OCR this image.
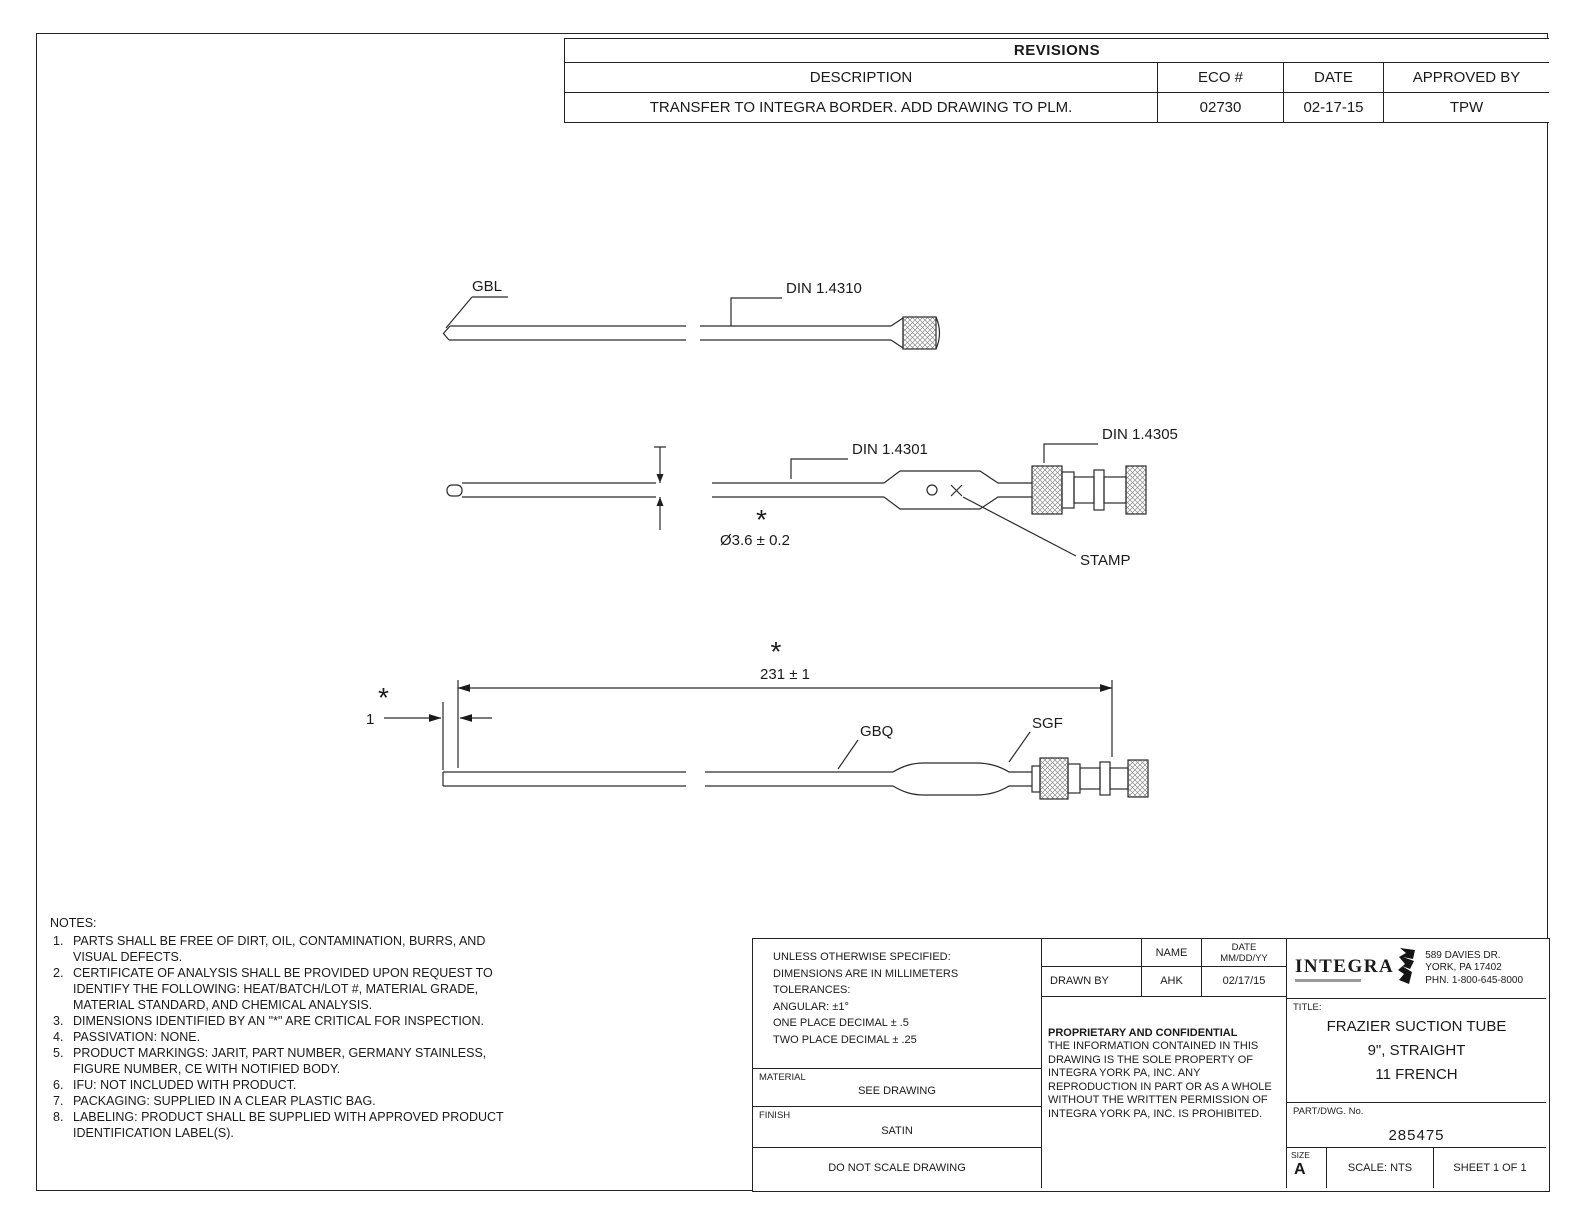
GBL	DIN 1.4310
DIN 1.4301
DIN 1.4305
STAMP
Ø3.6 ± 0.2
*
231 ± 1
*
1
*
GBQ	SGF
REVISIONS
DESCRIPTION	ECO #	DATE	APPROVED BY
TRANSFER TO INTEGRA BORDER. ADD DRAWING TO PLM.	02730	02-17-15	TPW
NOTES:
1. PARTS SHALL BE FREE OF DIRT, OIL, CONTAMINATION, BURRS, AND VISUAL DEFECTS.
2. CERTIFICATE OF ANALYSIS SHALL BE PROVIDED UPON REQUEST TO IDENTIFY THE FOLLOWING: HEAT/BATCH/LOT #, MATERIAL GRADE, MATERIAL STANDARD, AND CHEMICAL ANALYSIS.
3. DIMENSIONS IDENTIFIED BY AN "*" ARE CRITICAL FOR INSPECTION.
4. PASSIVATION: NONE.
5. PRODUCT MARKINGS: JARIT, PART NUMBER, GERMANY STAINLESS, FIGURE NUMBER, CE WITH NOTIFIED BODY.
6. IFU: NOT INCLUDED WITH PRODUCT.
7. PACKAGING: SUPPLIED IN A CLEAR PLASTIC BAG.
8. LABELING: PRODUCT SHALL BE SUPPLIED WITH APPROVED PRODUCT IDENTIFICATION LABEL(S).
UNLESS OTHERWISE SPECIFIED:
DIMENSIONS ARE IN MILLIMETERS
TOLERANCES:
ANGULAR: ±1°
ONE PLACE DECIMAL ± .5
TWO PLACE DECIMAL ± .25
MATERIAL
SEE DRAWING
FINISH
SATIN
DO NOT SCALE DRAWING
NAME	DATE
MM/DD/YY
DRAWN BY	AHK	02/17/15
PROPRIETARY AND CONFIDENTIAL
THE INFORMATION CONTAINED IN THIS DRAWING IS THE SOLE PROPERTY OF INTEGRA YORK PA, INC. ANY REPRODUCTION IN PART OR AS A WHOLE WITHOUT THE WRITTEN PERMISSION OF INTEGRA YORK PA, INC. IS PROHIBITED.
INTEGRA
589 DAVIES DR.
YORK, PA 17402
PHN. 1-800-645-8000
TITLE:
FRAZIER SUCTION TUBE
9", STRAIGHT
11 FRENCH
PART/DWG. No.
285475
SIZE
A	SCALE: NTS	SHEET 1 OF 1
